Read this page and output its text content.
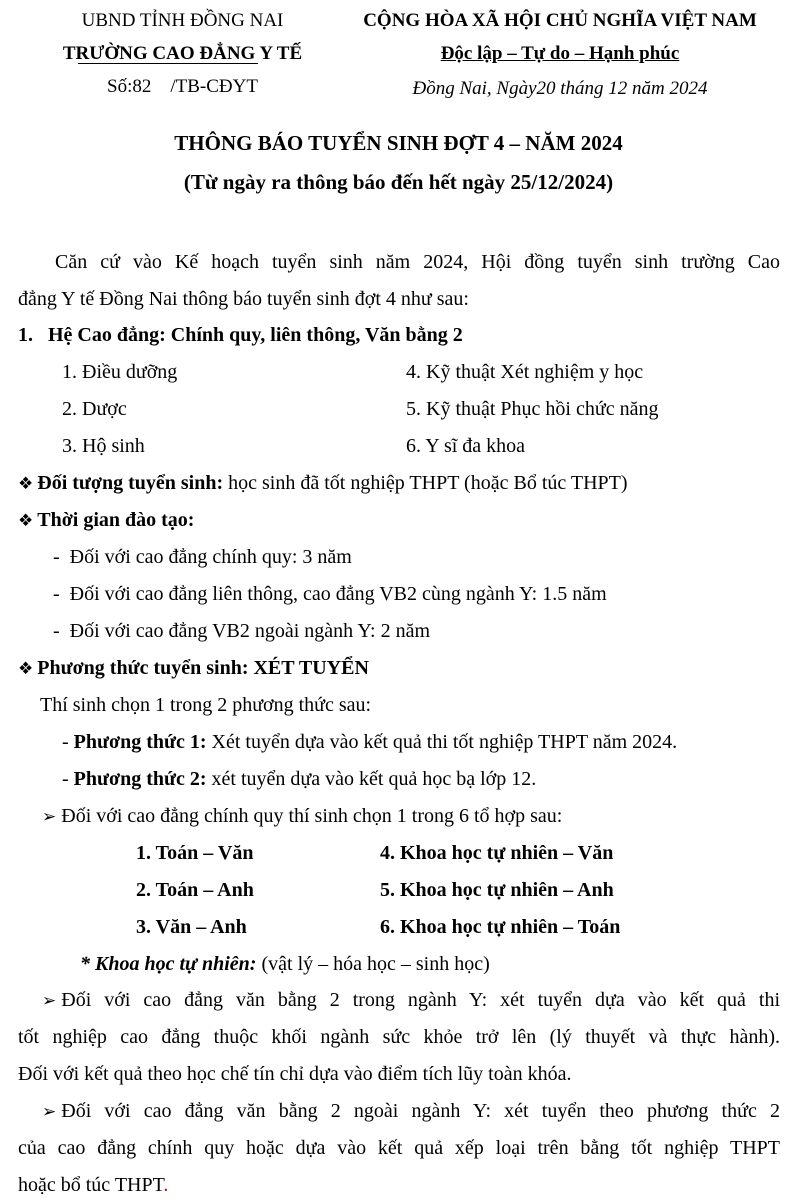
UBND TỈNH ĐỒNG NAI
TRƯỜNG CAO ĐẲNG Y TẾ
Số:82    /TB-CĐYT
CỘNG HÒA XÃ HỘI CHỦ NGHĨA VIỆT NAM
Độc lập – Tự do – Hạnh phúc
Đồng Nai, Ngày20 tháng 12 năm 2024
THÔNG BÁO TUYỂN SINH ĐỢT 4 – NĂM 2024
(Từ ngày ra thông báo đến hết ngày 25/12/2024)
Căn cứ vào Kế hoạch tuyển sinh năm 2024, Hội đồng tuyển sinh trường Cao
đẳng Y tế Đồng Nai thông báo tuyển sinh đợt 4 như sau:
1.   Hệ Cao đẳng: Chính quy, liên thông, Văn bằng 2
1. Điều dưỡng
2. Dược
3. Hộ sinh
4. Kỹ thuật Xét nghiệm y học
5. Kỹ thuật Phục hồi chức năng
6. Y sĩ đa khoa
❖ Đối tượng tuyển sinh: học sinh đã tốt nghiệp THPT (hoặc Bổ túc THPT)
❖ Thời gian đào tạo:
-  Đối với cao đẳng chính quy: 3 năm
-  Đối với cao đẳng liên thông, cao đẳng VB2 cùng ngành Y: 1.5 năm
-  Đối với cao đẳng VB2 ngoài ngành Y: 2 năm
❖ Phương thức tuyển sinh: XÉT TUYỂN
Thí sinh chọn 1 trong 2 phương thức sau:
- Phương thức 1: Xét tuyển dựa vào kết quả thi tốt nghiệp THPT năm 2024.
- Phương thức 2: xét tuyển dựa vào kết quả học bạ lớp 12.
➢ Đối với cao đẳng chính quy thí sinh chọn 1 trong 6 tổ hợp sau:
1. Toán – Văn
2. Toán – Anh
3. Văn – Anh
4. Khoa học tự nhiên – Văn
5. Khoa học tự nhiên – Anh
6. Khoa học tự nhiên – Toán
* Khoa học tự nhiên: (vật lý – hóa học – sinh học)
➢ Đối với cao đẳng văn bằng 2 trong ngành Y: xét tuyển dựa vào kết quả thi
tốt nghiệp cao đẳng thuộc khối ngành sức khỏe trở lên (lý thuyết và thực hành).
Đối với kết quả theo học chế tín chỉ dựa vào điểm tích lũy toàn khóa.
➢ Đối với cao đẳng văn bằng 2 ngoài ngành Y: xét tuyển theo phương thức 2
của cao đẳng chính quy hoặc dựa vào kết quả xếp loại trên bằng tốt nghiệp THPT
hoặc bổ túc THPT.
